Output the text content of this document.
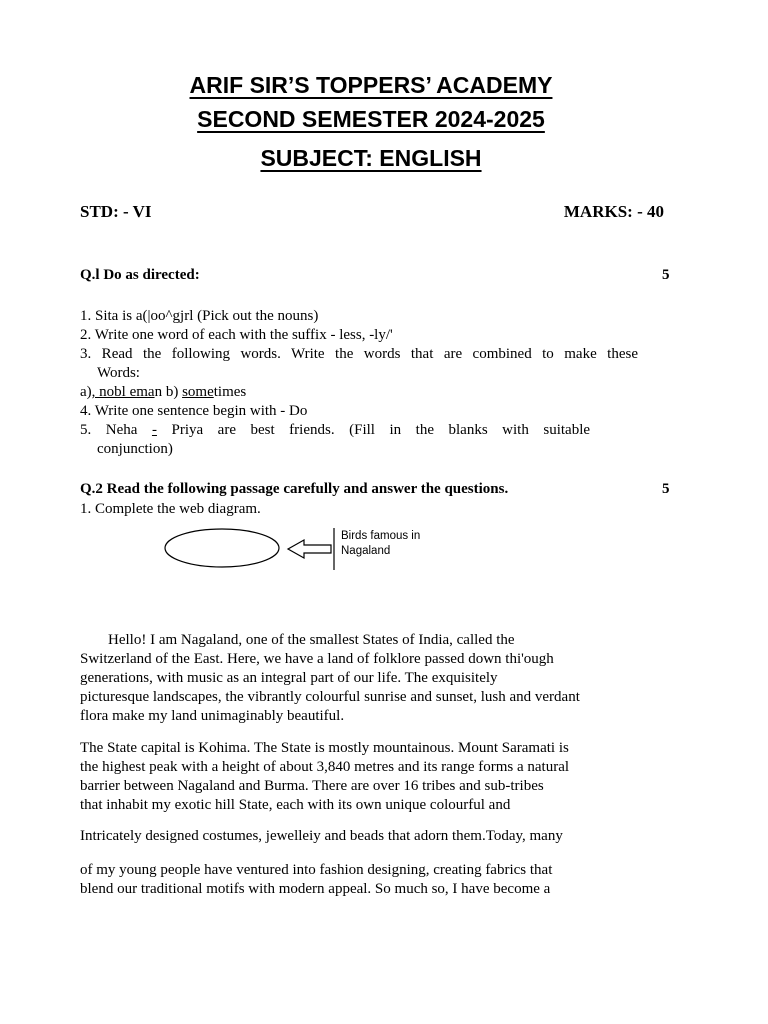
ARIF SIR’S TOPPERS’ ACADEMY
SECOND SEMESTER 2024-2025
SUBJECT: ENGLISH
STD: - VI	MARKS: - 40
Q.l Do as directed:	5
1. Sita is a(|oo^gjrl (Pick out the nouns)
2. Write one word of each with the suffix - less, -ly/'
3. Read the following words. Write the words that are combined to make these
Words:
a), nobl eman b) sometimes
4. Write one sentence begin with - Do
5. Neha - Priya are best friends. (Fill in the blanks with suitable
conjunction)
Q.2 Read the following passage carefully and answer the questions.	5
1. Complete the web diagram.
Birds famous in
Nagaland
Hello! I am Nagaland, one of the smallest States of India, called the
Switzerland of the East. Here, we have a land of folklore passed down thi'ough
generations, with music as an integral part of our life. The exquisitely
picturesque landscapes, the vibrantly colourful sunrise and sunset, lush and verdant
flora make my land unimaginably beautiful.
The State capital is Kohima. The State is mostly mountainous. Mount Saramati is
the highest peak with a height of about 3,840 metres and its range forms a natural
barrier between Nagaland and Burma. There are over 16 tribes and sub-tribes
that inhabit my exotic hill State, each with its own unique colourful and
Intricately designed costumes, jewelleiy and beads that adorn them.Today, many
of my young people have ventured into fashion designing, creating fabrics that
blend our traditional motifs with modern appeal. So much so, I have become a
